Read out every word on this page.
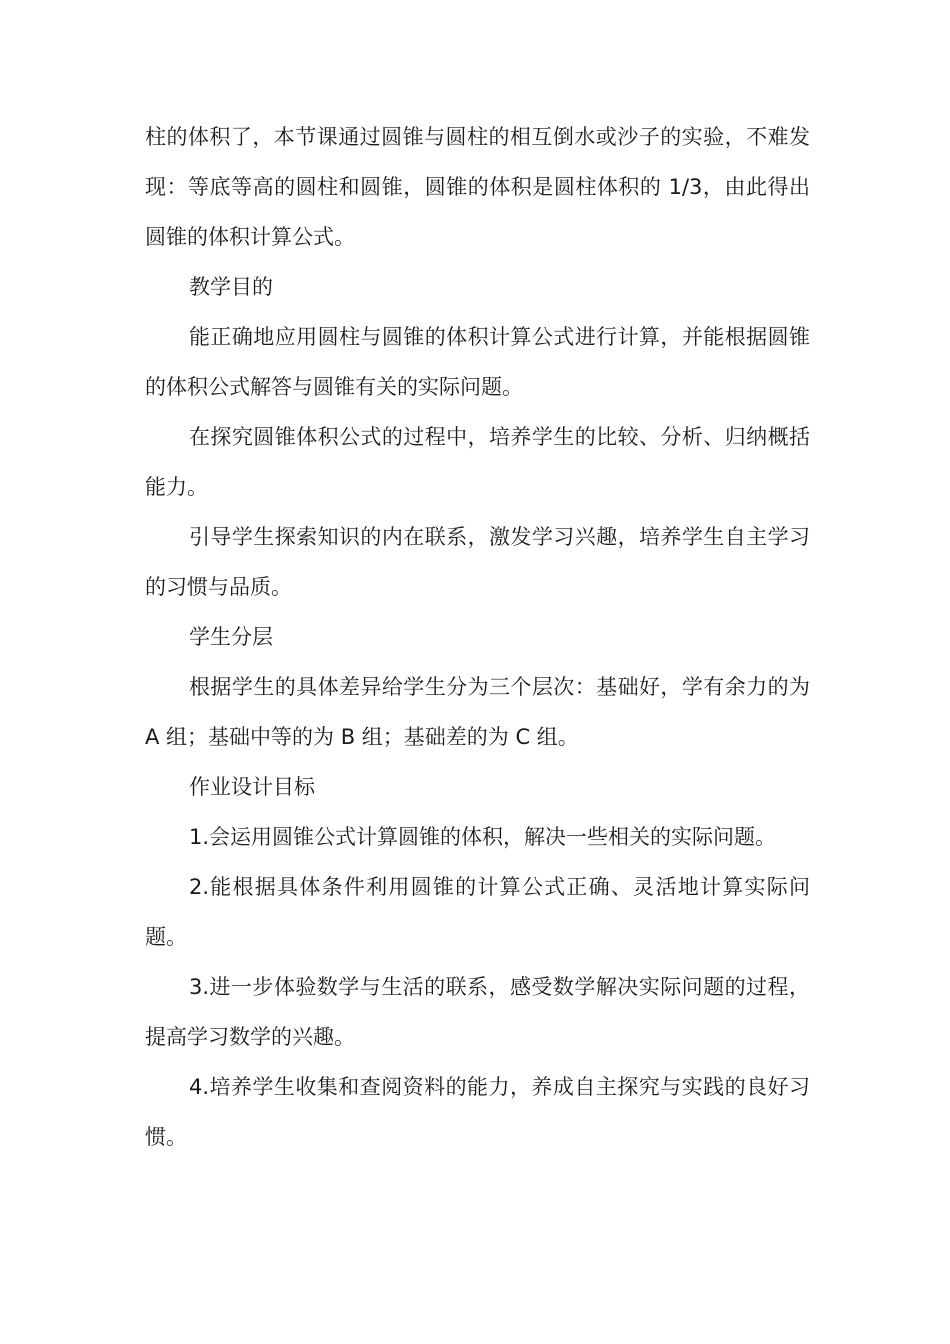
柱的体积了，本节课通过圆锥与圆柱的相互倒水或沙子的实验，不难发现：等底等高的圆柱和圆锥，圆锥的体积是圆柱体积的 1/3，由此得出圆锥的体积计算公式。

教学目的

能正确地应用圆柱与圆锥的体积计算公式进行计算，并能根据圆锥的体积公式解答与圆锥有关的实际问题。

在探究圆锥体积公式的过程中，培养学生的比较、分析、归纳概括能力。

引导学生探索知识的内在联系，激发学习兴趣，培养学生自主学习的习惯与品质。

学生分层

根据学生的具体差异给学生分为三个层次：基础好，学有余力的为 A 组；基础中等的为 B 组；基础差的为 C 组。

作业设计目标

1.会运用圆锥公式计算圆锥的体积，解决一些相关的实际问题。

2.能根据具体条件利用圆锥的计算公式正确、灵活地计算实际问题。

3.进一步体验数学与生活的联系，感受数学解决实际问题的过程，提高学习数学的兴趣。

4.培养学生收集和查阅资料的能力，养成自主探究与实践的良好习惯。
